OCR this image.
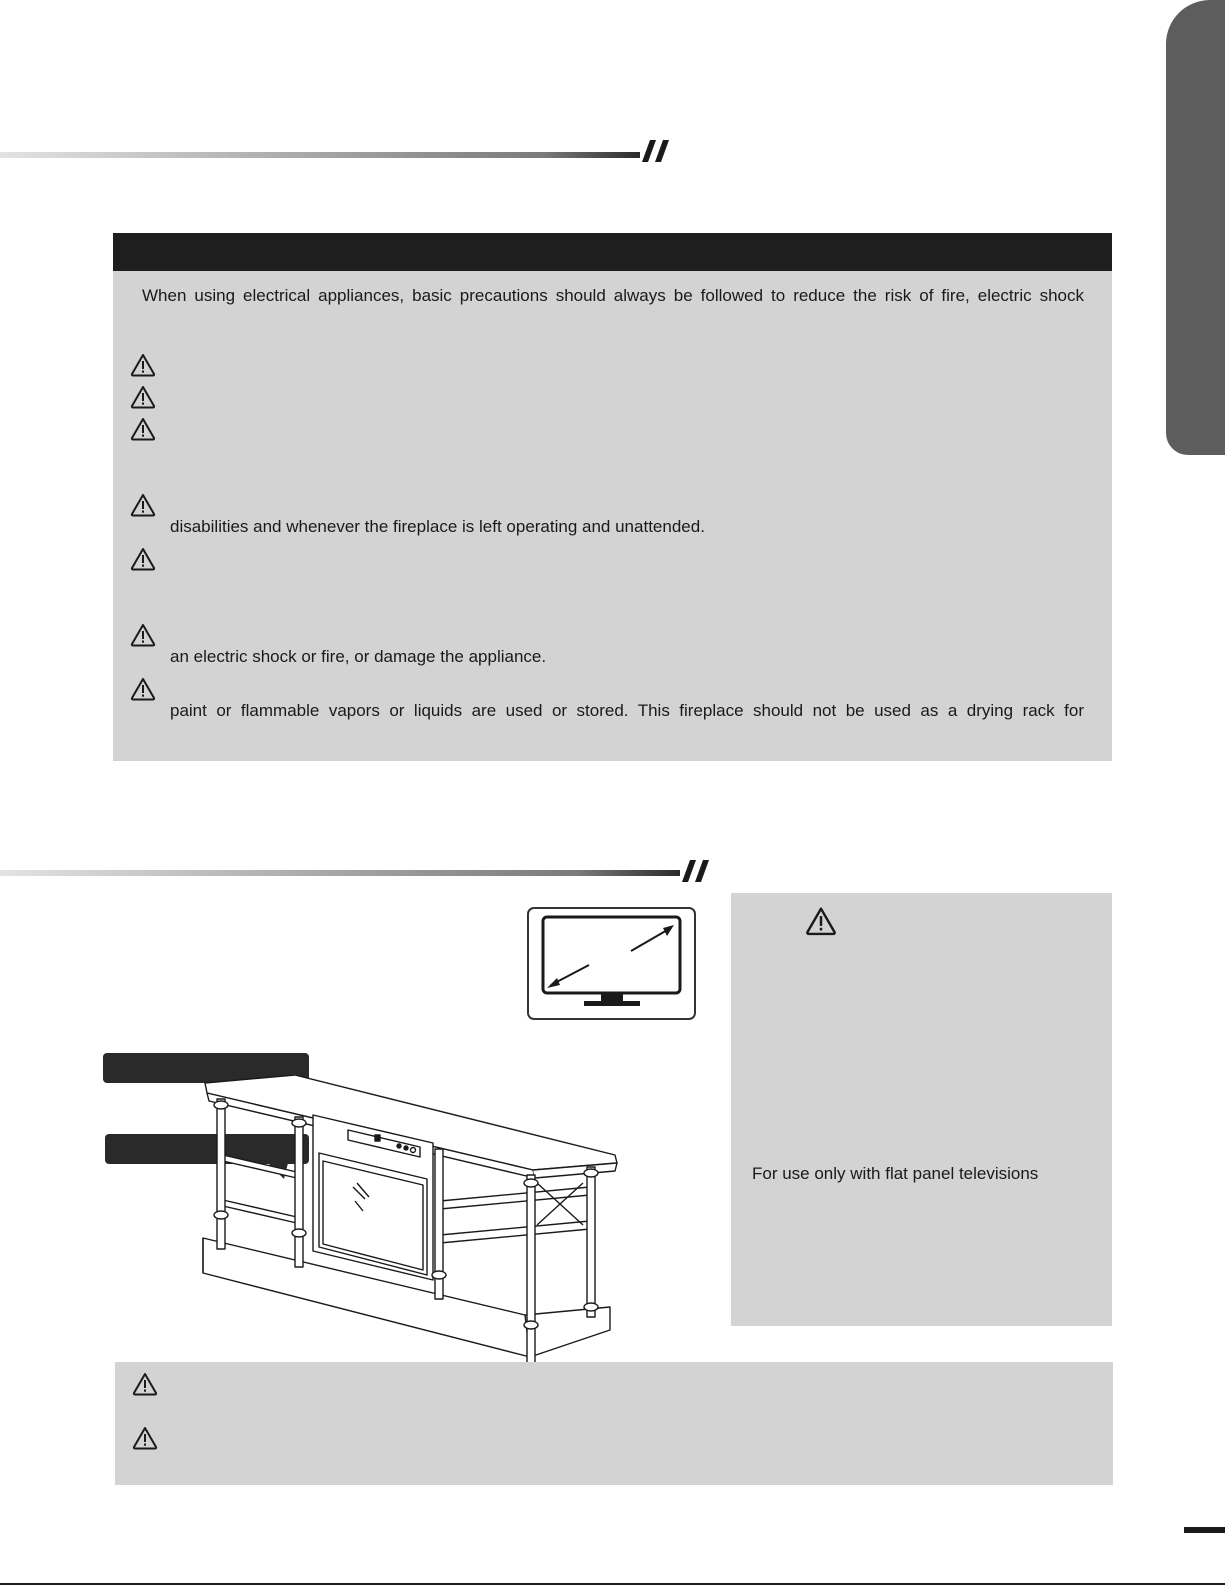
When using electrical appliances, basic precautions should always be followed to reduce the risk of fire, electric shock
disabilities and whenever the fireplace is left operating and unattended.
an electric shock or fire, or damage the appliance.
paint or flammable vapors or liquids are used or stored. This fireplace should not be used as a drying rack for
For use only with flat panel televisions
